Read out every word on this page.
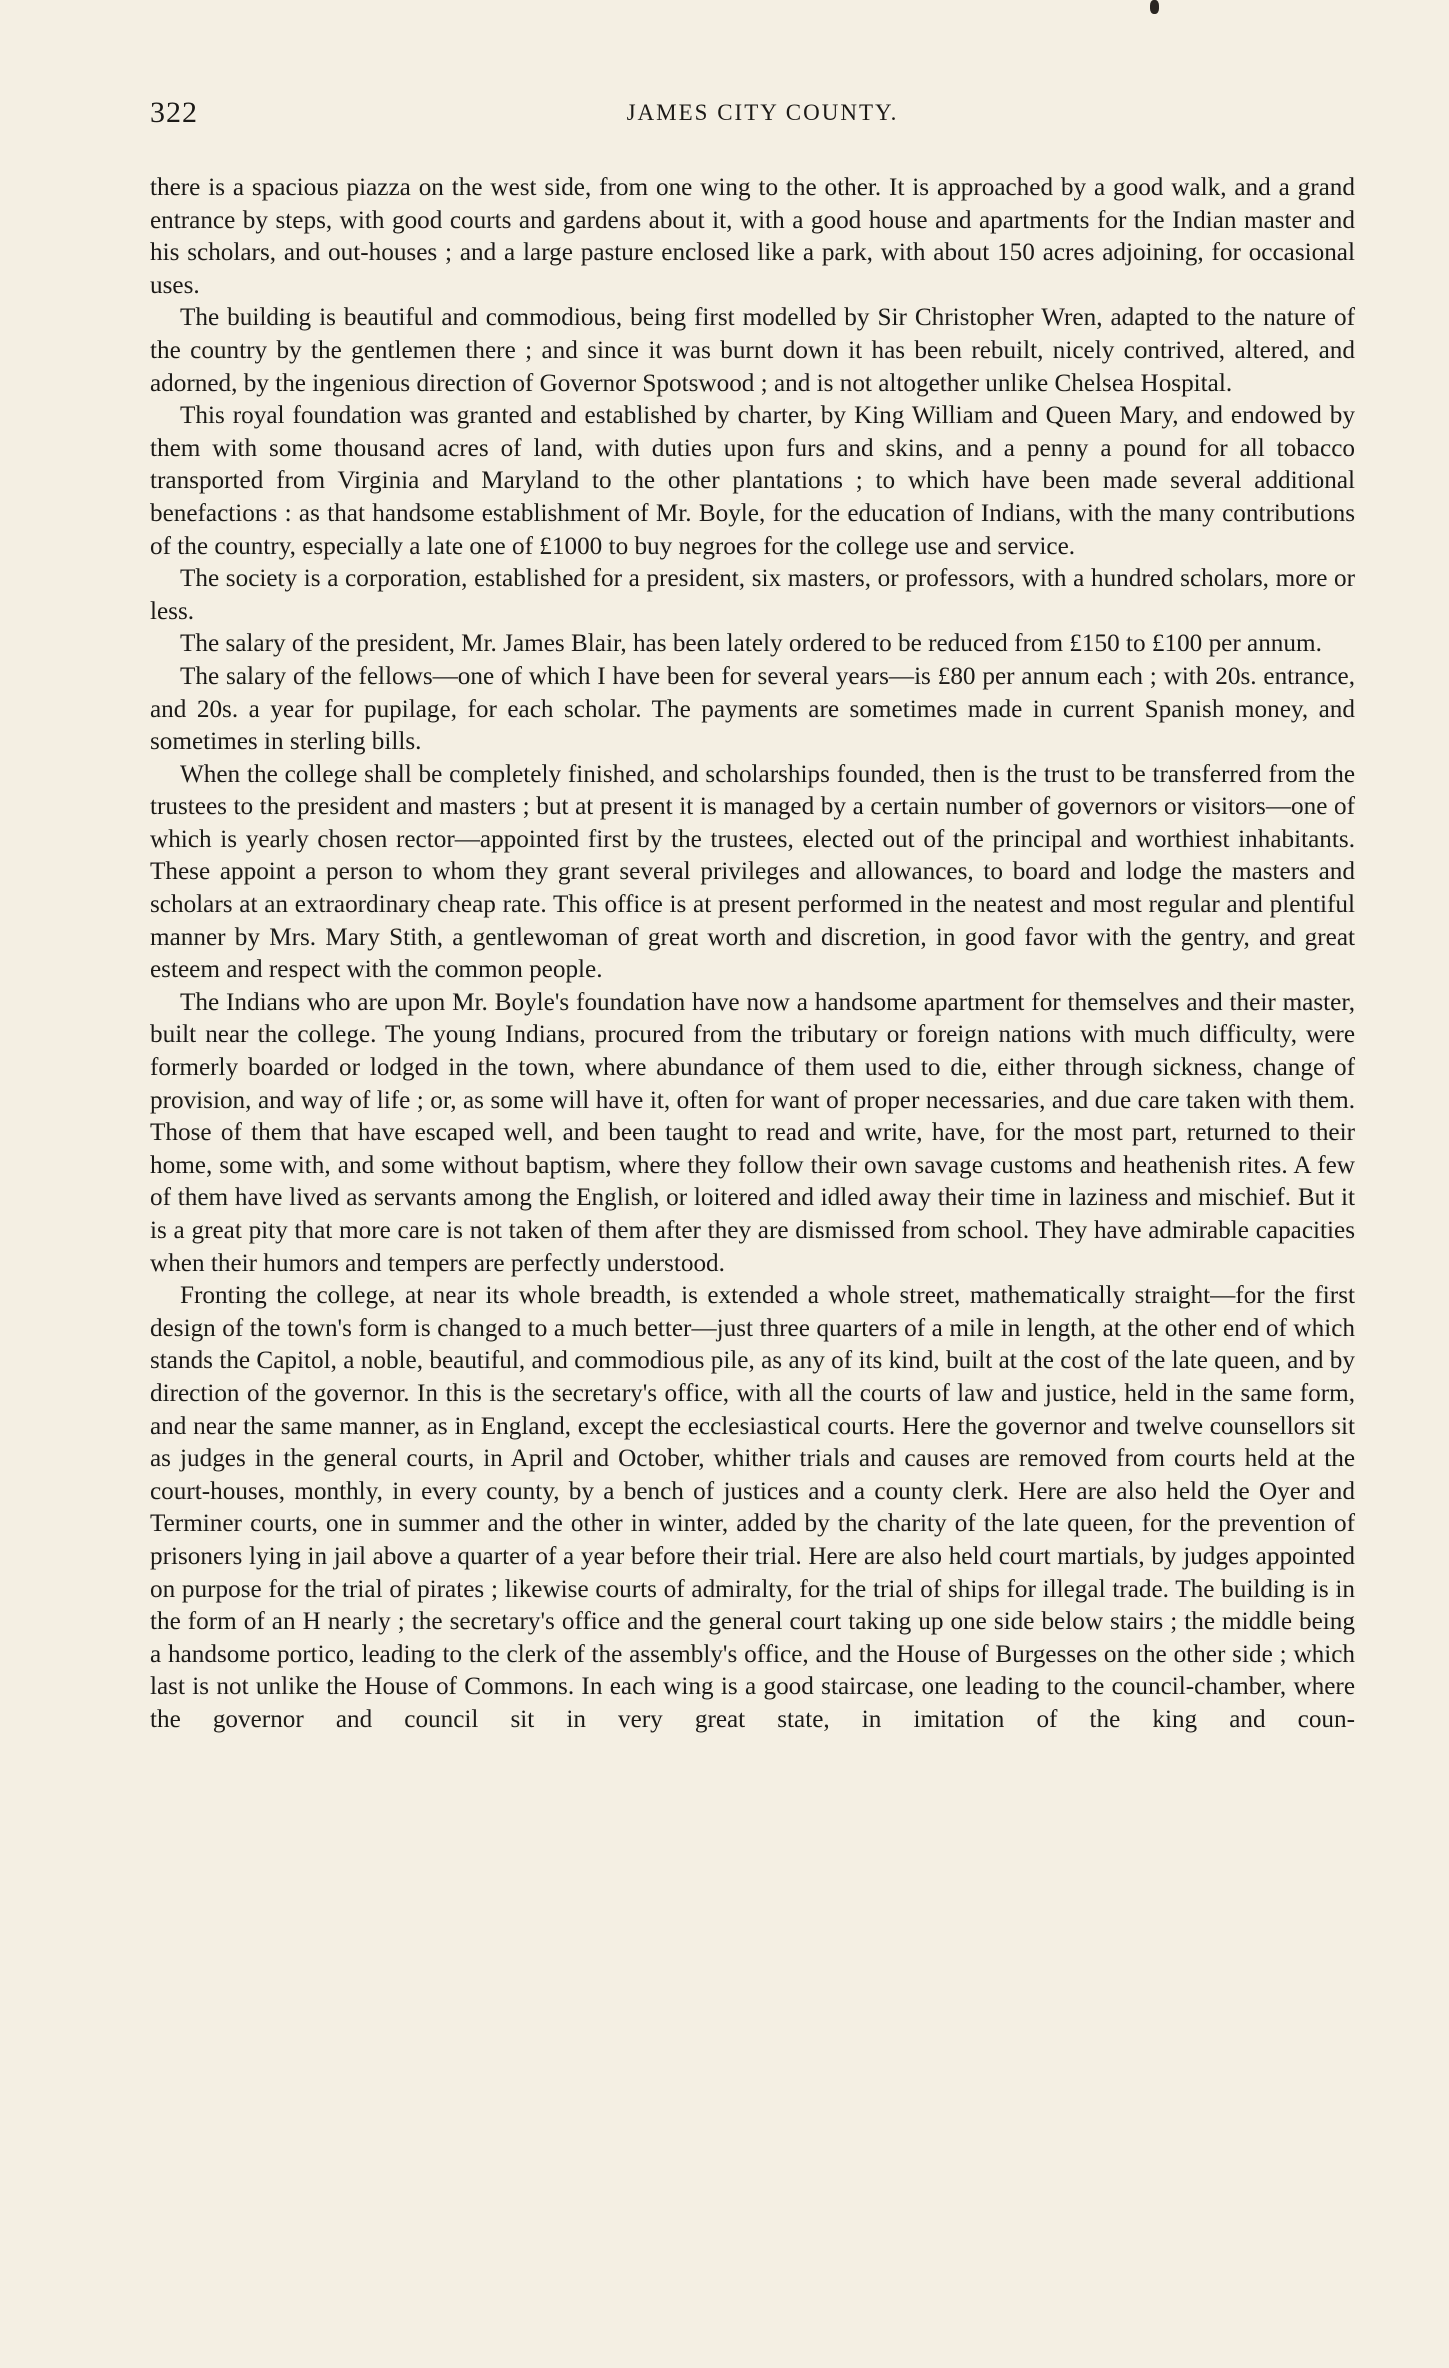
322	JAMES CITY COUNTY.

there is a spacious piazza on the west side, from one wing to the other. It is approached by a good walk, and a grand entrance by steps, with good courts and gardens about it, with a good house and apartments for the Indian master and his scholars, and out-houses ; and a large pasture enclosed like a park, with about 150 acres adjoining, for occasional uses.

The building is beautiful and commodious, being first modelled by Sir Christopher Wren, adapted to the nature of the country by the gentlemen there ; and since it was burnt down it has been rebuilt, nicely contrived, altered, and adorned, by the ingenious direction of Governor Spotswood ; and is not altogether unlike Chelsea Hospital.

This royal foundation was granted and established by charter, by King William and Queen Mary, and endowed by them with some thousand acres of land, with duties upon furs and skins, and a penny a pound for all tobacco transported from Virginia and Maryland to the other plantations ; to which have been made several additional benefactions : as that handsome establishment of Mr. Boyle, for the education of Indians, with the many contributions of the country, especially a late one of £1000 to buy negroes for the college use and service.

The society is a corporation, established for a president, six masters, or professors, with a hundred scholars, more or less.

The salary of the president, Mr. James Blair, has been lately ordered to be reduced from £150 to £100 per annum.

The salary of the fellows—one of which I have been for several years—is £80 per annum each ; with 20s. entrance, and 20s. a year for pupilage, for each scholar. The payments are sometimes made in current Spanish money, and sometimes in sterling bills.

When the college shall be completely finished, and scholarships founded, then is the trust to be transferred from the trustees to the president and masters ; but at present it is managed by a certain number of governors or visitors—one of which is yearly chosen rector—appointed first by the trustees, elected out of the principal and worthiest inhabitants. These appoint a person to whom they grant several privileges and allowances, to board and lodge the masters and scholars at an extraordinary cheap rate. This office is at present performed in the neatest and most regular and plentiful manner by Mrs. Mary Stith, a gentlewoman of great worth and discretion, in good favor with the gentry, and great esteem and respect with the common people.

The Indians who are upon Mr. Boyle's foundation have now a handsome apartment for themselves and their master, built near the college. The young Indians, procured from the tributary or foreign nations with much difficulty, were formerly boarded or lodged in the town, where abundance of them used to die, either through sickness, change of provision, and way of life ; or, as some will have it, often for want of proper necessaries, and due care taken with them. Those of them that have escaped well, and been taught to read and write, have, for the most part, returned to their home, some with, and some without baptism, where they follow their own savage customs and heathenish rites. A few of them have lived as servants among the English, or loitered and idled away their time in laziness and mischief. But it is a great pity that more care is not taken of them after they are dismissed from school. They have admirable capacities when their humors and tempers are perfectly understood.

Fronting the college, at near its whole breadth, is extended a whole street, mathematically straight—for the first design of the town's form is changed to a much better—just three quarters of a mile in length, at the other end of which stands the Capitol, a noble, beautiful, and commodious pile, as any of its kind, built at the cost of the late queen, and by direction of the governor. In this is the secretary's office, with all the courts of law and justice, held in the same form, and near the same manner, as in England, except the ecclesiastical courts. Here the governor and twelve counsellors sit as judges in the general courts, in April and October, whither trials and causes are removed from courts held at the court-houses, monthly, in every county, by a bench of justices and a county clerk. Here are also held the Oyer and Terminer courts, one in summer and the other in winter, added by the charity of the late queen, for the prevention of prisoners lying in jail above a quarter of a year before their trial. Here are also held court martials, by judges appointed on purpose for the trial of pirates ; likewise courts of admiralty, for the trial of ships for illegal trade. The building is in the form of an H nearly ; the secretary's office and the general court taking up one side below stairs ; the middle being a handsome portico, leading to the clerk of the assembly's office, and the House of Burgesses on the other side ; which last is not unlike the House of Commons. In each wing is a good staircase, one leading to the council-chamber, where the governor and council sit in very great state, in imitation of the king and coun-
